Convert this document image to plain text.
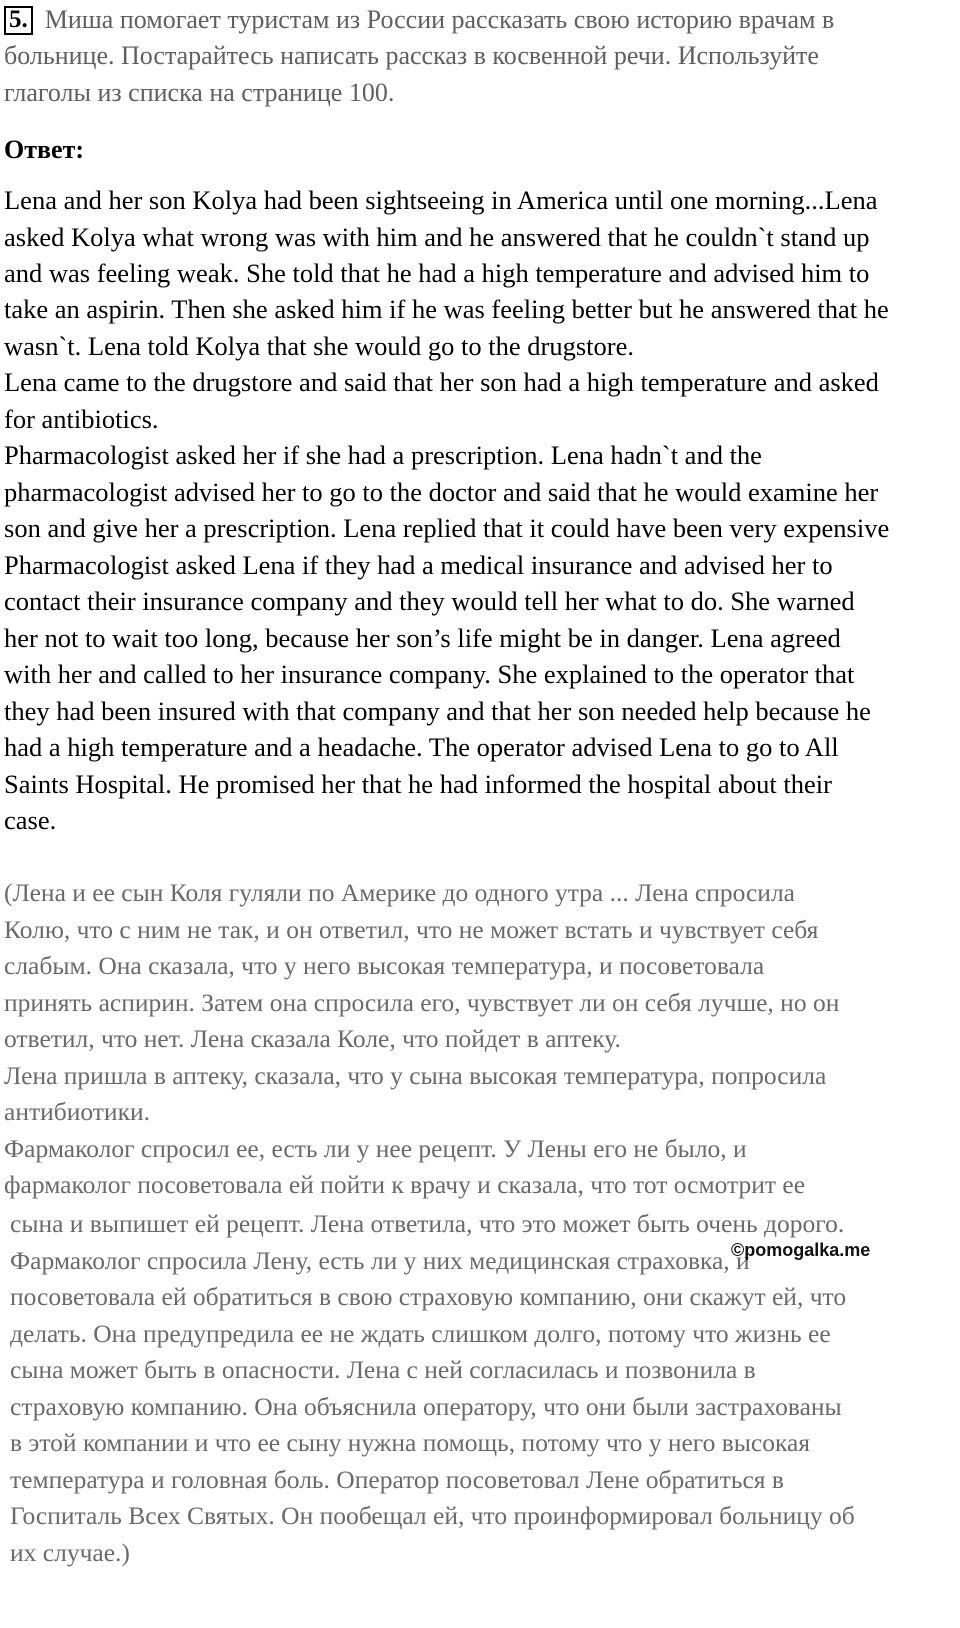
5. Миша помогает туристам из России рассказать свою историю врачам в
больнице. Постарайтесь написать рассказ в косвенной речи. Используйте
глаголы из списка на странице 100.
Ответ:
Lena and her son Kolya had been sightseeing in America until one morning...Lena
asked Kolya what wrong was with him and he answered that he couldn`t stand up
and was feeling weak. She told that he had a high temperature and advised him to
take an aspirin. Then she asked him if he was feeling better but he answered that he
wasn`t. Lena told Kolya that she would go to the drugstore.
Lena came to the drugstore and said that her son had a high temperature and asked
for antibiotics.
Pharmacologist asked her if she had a prescription. Lena hadn`t and the
pharmacologist advised her to go to the doctor and said that he would examine her
son and give her a prescription. Lena replied that it could have been very expensive
Pharmacologist asked Lena if they had a medical insurance and advised her to
contact their insurance company and they would tell her what to do. She warned
her not to wait too long, because her son’s life might be in danger. Lena agreed
with her and called to her insurance company. She explained to the operator that
they had been insured with that company and that her son needed help because he
had a high temperature and a headache. The operator advised Lena to go to All
Saints Hospital. He promised her that he had informed the hospital about their
case.
(Лена и ее сын Коля гуляли по Америке до одного утра ... Лена спросила
Колю, что с ним не так, и он ответил, что не может встать и чувствует себя
слабым. Она сказала, что у него высокая температура, и посоветовала
принять аспирин. Затем она спросила его, чувствует ли он себя лучше, но он
ответил, что нет. Лена сказала Коле, что пойдет в аптеку.
Лена пришла в аптеку, сказала, что у сына высокая температура, попросила
антибиотики.
Фармаколог спросил ее, есть ли у нее рецепт. У Лены его не было, и
фармаколог посоветовала ей пойти к врачу и сказала, что тот осмотрит ее
сына и выпишет ей рецепт. Лена ответила, что это может быть очень дорого.
Фармаколог спросила Лену, есть ли у них медицинская страховка, и
посоветовала ей обратиться в свою страховую компанию, они скажут ей, что
делать. Она предупредила ее не ждать слишком долго, потому что жизнь ее
сына может быть в опасности. Лена с ней согласилась и позвонила в
страховую компанию. Она объяснила оператору, что они были застрахованы
в этой компании и что ее сыну нужна помощь, потому что у него высокая
температура и головная боль. Оператор посоветовал Лене обратиться в
Госпиталь Всех Святых. Он пообещал ей, что проинформировал больницу об
их случае.)
©pomogalka.me
